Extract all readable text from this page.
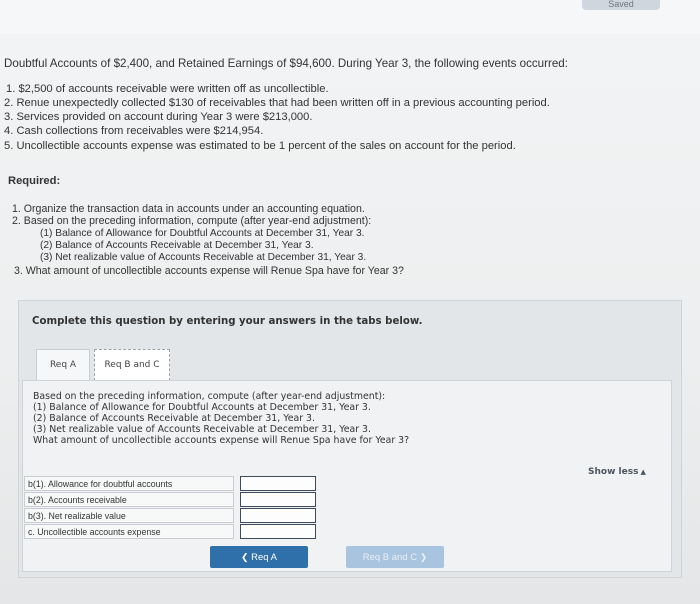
Saved
Doubtful Accounts of $2,400, and Retained Earnings of $94,600. During Year 3, the following events occurred:
1. $2,500 of accounts receivable were written off as uncollectible.
2. Renue unexpectedly collected $130 of receivables that had been written off in a previous accounting period.
3. Services provided on account during Year 3 were $213,000.
4. Cash collections from receivables were $214,954.
5. Uncollectible accounts expense was estimated to be 1 percent of the sales on account for the period.
Required:
1. Organize the transaction data in accounts under an accounting equation.
2. Based on the preceding information, compute (after year-end adjustment):
(1) Balance of Allowance for Doubtful Accounts at December 31, Year 3.
(2) Balance of Accounts Receivable at December 31, Year 3.
(3) Net realizable value of Accounts Receivable at December 31, Year 3.
3. What amount of uncollectible accounts expense will Renue Spa have for Year 3?
Complete this question by entering your answers in the tabs below.
Req A	Req B and C
Based on the preceding information, compute (after year-end adjustment):
(1) Balance of Allowance for Doubtful Accounts at December 31, Year 3.
(2) Balance of Accounts Receivable at December 31, Year 3.
(3) Net realizable value of Accounts Receivable at December 31, Year 3.
What amount of uncollectible accounts expense will Renue Spa have for Year 3?
Show less ▲
b(1). Allowance for doubtful accounts
b(2). Accounts receivable
b(3). Net realizable value
c. Uncollectible accounts expense
❮ Req A	Req B and C ❯
